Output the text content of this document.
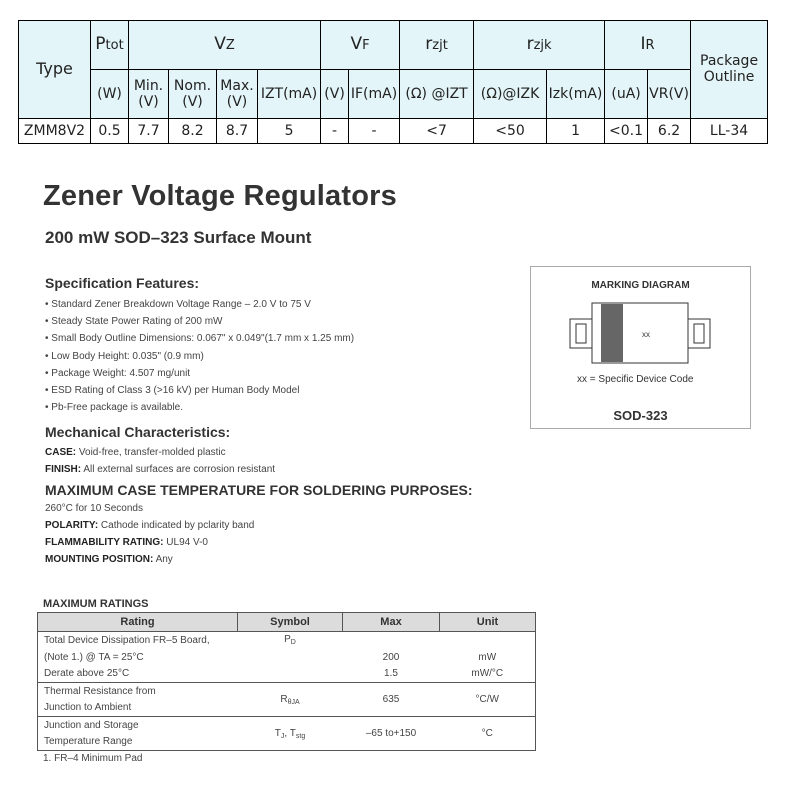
Type	Ptot	VZ				VF		rzjt	rzjk		IR		Package Outline
	(W)	Min. (V)	Nom. (V)	Max. (V)	IZT(mA)	(V)	IF(mA)	(Ω) @IZT	(Ω)@IZK	Izk(mA)	(uA)	VR(V)	
ZMM8V2	0.5	7.7	8.2	8.7	5	-	-	<7	<50	1	<0.1	6.2	LL-34
Zener Voltage Regulators
200 mW SOD–323 Surface Mount
Specification Features:
• Standard Zener Breakdown Voltage Range – 2.0 V to 75 V
• Steady State Power Rating of 200 mW
• Small Body Outline Dimensions: 0.067" x 0.049"(1.7 mm x 1.25 mm)
• Low Body Height: 0.035" (0.9 mm)
• Package Weight: 4.507 mg/unit
• ESD Rating of Class 3 (>16 kV) per Human Body Model
• Pb-Free package is available.
Mechanical Characteristics:
CASE: Void-free, transfer-molded plastic
FINISH: All external surfaces are corrosion resistant
MAXIMUM CASE TEMPERATURE FOR SOLDERING PURPOSES:
260°C for 10 Seconds
POLARITY: Cathode indicated by pclarity band
FLAMMABILITY RATING: UL94 V-0
MOUNTING POSITION: Any
xx
MARKING DIAGRAM
xx = Specific Device Code
SOD-323
MAXIMUM RATINGS
Rating	Symbol	Max	Unit
Total Device Dissipation FR–5 Board,	$P_D$		
(Note 1.) @ TA = 25°C		200	mW
Derate above 25°C		1.5	mW/°C
Thermal Resistance from	$R_{\theta JA}$	635	°C/W
Junction to Ambient			
Junction and Storage	$T_J$, $T_{stg}$	–65 to+150	°C
Temperature Range			
1. FR–4 Minimum Pad
